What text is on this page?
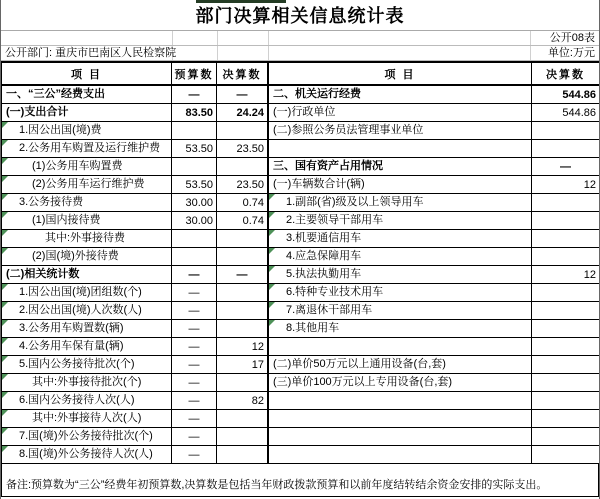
部门决算相关信息统计表
公开08表
公开部门: 重庆市巴南区人民检察院	单位:万元
项 目	预算数	决算数
一、“三公”经费支出	—	—
(一)支出合计	83.50	24.24

1.因公出国(境)费		

2.公务用车购置及运行维护费	53.50	23.50

(1)公务用车购置费		

(2)公务用车运行维护费	53.50	23.50

3.公务接待费	30.00	0.74

(1)国内接待费	30.00	0.74

其中:外事接待费		

(2)国(境)外接待费		
(二)相关统计数	—	—

1.因公出国(境)团组数(个)	—	

2.因公出国(境)人次数(人)	—	

3.公务用车购置数(辆)	—	

4.公务用车保有量(辆)	—	12

5.国内公务接待批次(个)	—	17

其中:外事接待批次(个)	—	

6.国内公务接待人次(人)	—	82

其中:外事接待人次(人)	—	

7.国(境)外公务接待批次(个)	—	

8.国(境)外公务接待人次(人)	—	
项 目	决算数
二、机关运行经费	544.86
(一)行政单位	544.86
(二)参照公务员法管理事业单位	

三、国有资产占用情况	—
(一)车辆数合计(辆)	12

1.副部(省)级及以上领导用车	

2.主要领导干部用车	

3.机要通信用车	

4.应急保障用车	

5.执法执勤用车	12

6.特种专业技术用车	

7.离退休干部用车	

8.其他用车	

(二)单价50万元以上通用设备(台,套)	
(三)单价100万元以上专用设备(台,套)	

备注:预算数为“三公”经费年初预算数,决算数是包括当年财政拨款预算和以前年度结转结余资金安排的实际支出。
